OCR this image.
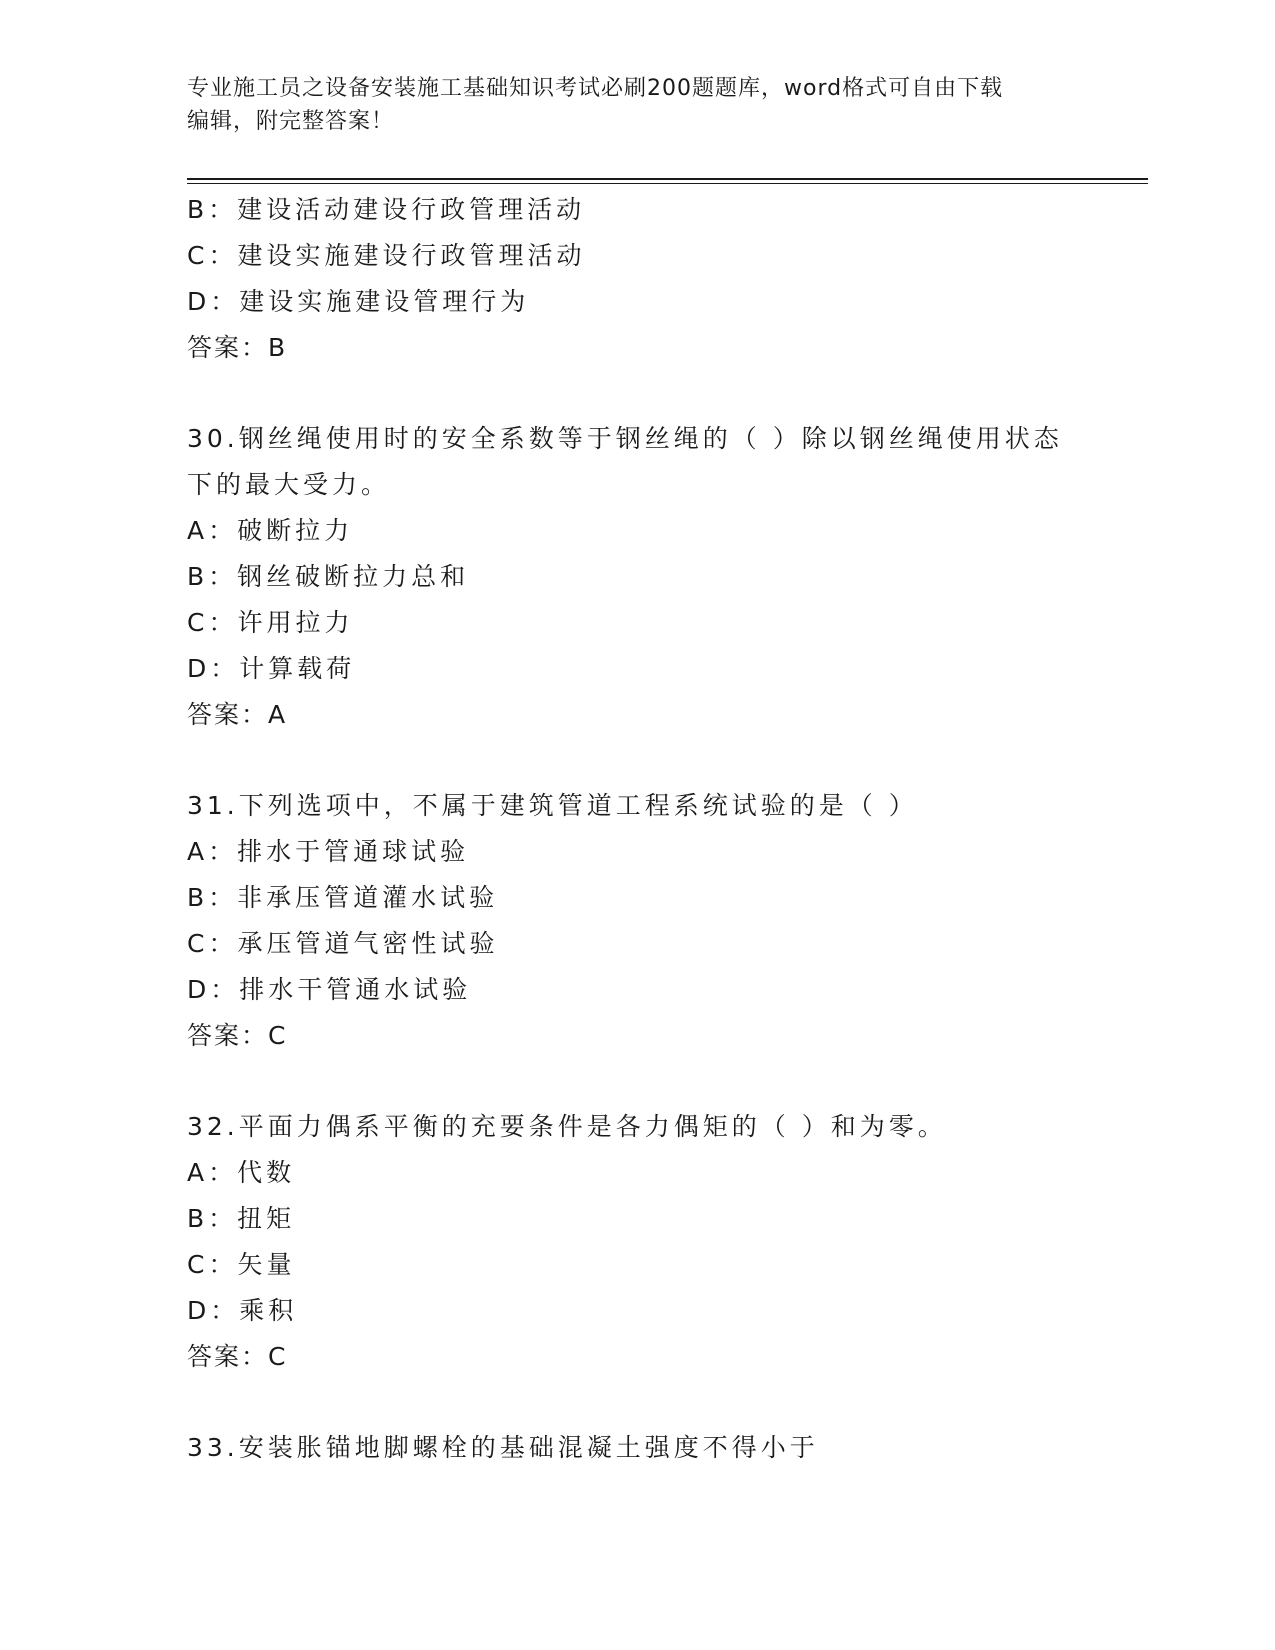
专业施工员之设备安装施工基础知识考试必刷200题题库，word格式可自由下载
编辑，附完整答案！
B：建设活动建设行政管理活动
C：建设实施建设行政管理活动
D：建设实施建设管理行为
答案：B
30.钢丝绳使用时的安全系数等于钢丝绳的（ ）除以钢丝绳使用状态
下的最大受力。
A：破断拉力
B：钢丝破断拉力总和
C：许用拉力
D：计算载荷
答案：A
31.下列选项中，不属于建筑管道工程系统试验的是（ ）
A：排水于管通球试验
B：非承压管道灌水试验
C：承压管道气密性试验
D：排水干管通水试验
答案：C
32.平面力偶系平衡的充要条件是各力偶矩的（ ）和为零。
A：代数
B：扭矩
C：矢量
D：乘积
答案：C
33.安装胀锚地脚螺栓的基础混凝土强度不得小于
